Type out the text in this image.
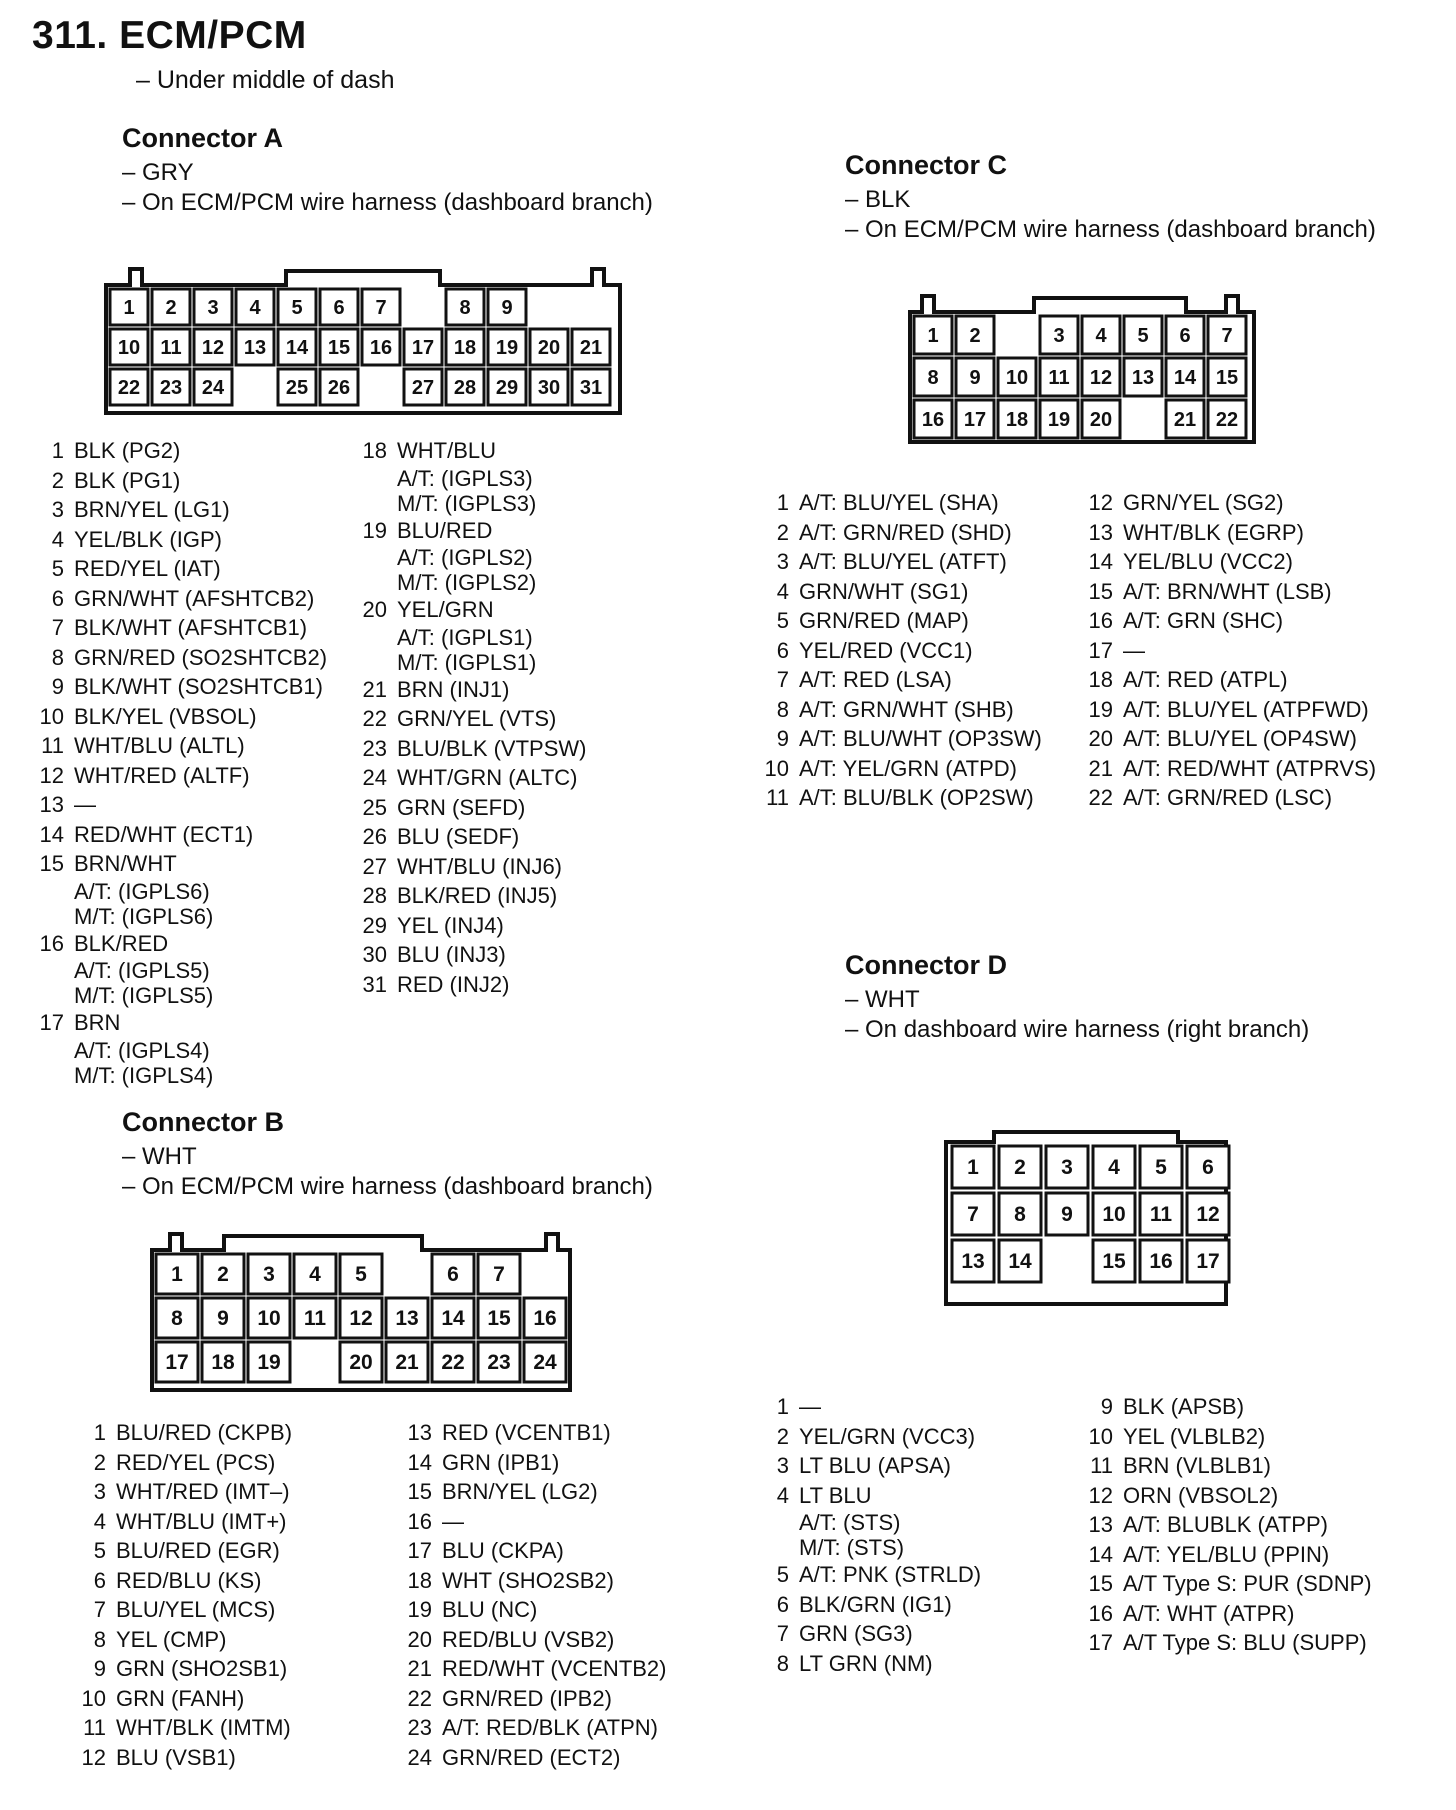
311. ECM/PCM
– Under middle of dash
Connector A
– GRY
– On ECM/PCM wire harness (dashboard branch)
1 2 3 4 5 6 7	8 9
10 11 12 13 14 15 16 17 18 19 20 21
22 23 24	25 26	27 28 29 30 31
1 BLK (PG2)
2 BLK (PG1)
3 BRN/YEL (LG1)
4 YEL/BLK (IGP)
5 RED/YEL (IAT)
6 GRN/WHT (AFSHTCB2)
7 BLK/WHT (AFSHTCB1)
8 GRN/RED (SO2SHTCB2)
9 BLK/WHT (SO2SHTCB1)
10 BLK/YEL (VBSOL)
11 WHT/BLU (ALTL)
12 WHT/RED (ALTF)
13 —
14 RED/WHT (ECT1)
15 BRN/WHT
A/T: (IGPLS6)
M/T: (IGPLS6)
16 BLK/RED
A/T: (IGPLS5)
M/T: (IGPLS5)
17 BRN
A/T: (IGPLS4)
M/T: (IGPLS4)
18 WHT/BLU
A/T: (IGPLS3)
M/T: (IGPLS3)
19 BLU/RED
A/T: (IGPLS2)
M/T: (IGPLS2)
20 YEL/GRN
A/T: (IGPLS1)
M/T: (IGPLS1)
21 BRN (INJ1)
22 GRN/YEL (VTS)
23 BLU/BLK (VTPSW)
24 WHT/GRN (ALTC)
25 GRN (SEFD)
26 BLU (SEDF)
27 WHT/BLU (INJ6)
28 BLK/RED (INJ5)
29 YEL (INJ4)
30 BLU (INJ3)
31 RED (INJ2)
Connector B
– WHT
– On ECM/PCM wire harness (dashboard branch)
1 2 3 4 5	6 7
8 9 10 11 12 13 14 15 16
17 18 19	20 21 22 23 24
1 BLU/RED (CKPB)
2 RED/YEL (PCS)
3 WHT/RED (IMT–)
4 WHT/BLU (IMT+)
5 BLU/RED (EGR)
6 RED/BLU (KS)
7 BLU/YEL (MCS)
8 YEL (CMP)
9 GRN (SHO2SB1)
10 GRN (FANH)
11 WHT/BLK (IMTM)
12 BLU (VSB1)
13 RED (VCENTB1)
14 GRN (IPB1)
15 BRN/YEL (LG2)
16 —
17 BLU (CKPA)
18 WHT (SHO2SB2)
19 BLU (NC)
20 RED/BLU (VSB2)
21 RED/WHT (VCENTB2)
22 GRN/RED (IPB2)
23 A/T: RED/BLK (ATPN)
24 GRN/RED (ECT2)
Connector C
– BLK
– On ECM/PCM wire harness (dashboard branch)
1 2	3 4 5 6 7
8 9 10 11 12 13 14 15
16 17 18 19 20	21 22
1 A/T: BLU/YEL (SHA)
2 A/T: GRN/RED (SHD)
3 A/T: BLU/YEL (ATFT)
4 GRN/WHT (SG1)
5 GRN/RED (MAP)
6 YEL/RED (VCC1)
7 A/T: RED (LSA)
8 A/T: GRN/WHT (SHB)
9 A/T: BLU/WHT (OP3SW)
10 A/T: YEL/GRN (ATPD)
11 A/T: BLU/BLK (OP2SW)
12 GRN/YEL (SG2)
13 WHT/BLK (EGRP)
14 YEL/BLU (VCC2)
15 A/T: BRN/WHT (LSB)
16 A/T: GRN (SHC)
17 —
18 A/T: RED (ATPL)
19 A/T: BLU/YEL (ATPFWD)
20 A/T: BLU/YEL (OP4SW)
21 A/T: RED/WHT (ATPRVS)
22 A/T: GRN/RED (LSC)
Connector D
– WHT
– On dashboard wire harness (right branch)
1 2 3 4 5 6
7 8 9 10 11 12
13 14	15 16 17
1 —
2 YEL/GRN (VCC3)
3 LT BLU (APSA)
4 LT BLU
A/T: (STS)
M/T: (STS)
5 A/T: PNK (STRLD)
6 BLK/GRN (IG1)
7 GRN (SG3)
8 LT GRN (NM)
9 BLK (APSB)
10 YEL (VLBLB2)
11 BRN (VLBLB1)
12 ORN (VBSOL2)
13 A/T: BLUBLK (ATPP)
14 A/T: YEL/BLU (PPIN)
15 A/T Type S: PUR (SDNP)
16 A/T: WHT (ATPR)
17 A/T Type S: BLU (SUPP)
